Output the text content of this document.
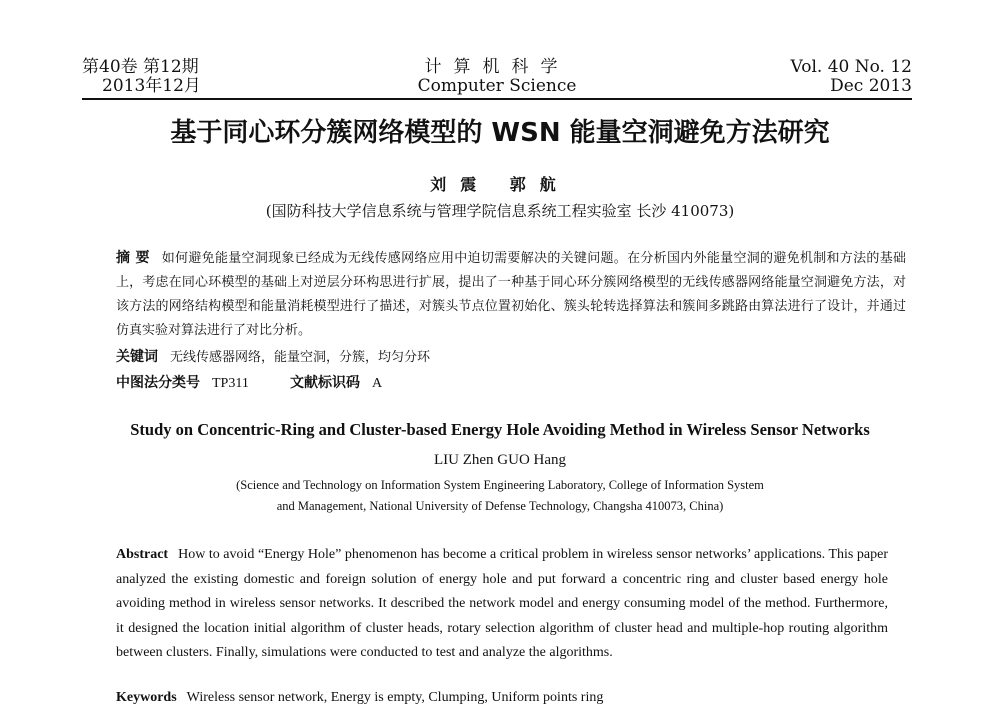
第40卷 第12期
2013年12月
计算机科学
Computer Science
Vol. 40 No. 12
Dec 2013
基于同心环分簇网络模型的 WSN 能量空洞避免方法研究
刘震 郭航
(国防科技大学信息系统与管理学院信息系统工程实验室 长沙 410073)
摘 要 如何避免能量空洞现象已经成为无线传感网络应用中迫切需要解决的关键问题。在分析国内外能量空洞的避免机制和方法的基础上，考虑在同心环模型的基础上对逆层分环构思进行扩展，提出了一种基于同心环分簇网络模型的无线传感器网络能量空洞避免方法，对该方法的网络结构模型和能量消耗模型进行了描述，对簇头节点位置初始化、簇头轮转选择算法和簇间多跳路由算法进行了设计，并通过仿真实验对算法进行了对比分析。
关键词 无线传感器网络，能量空洞，分簇，均匀分环
中图法分类号 TP311	文献标识码 A
Study on Concentric-Ring and Cluster-based Energy Hole Avoiding Method in Wireless Sensor Networks
LIU Zhen GUO Hang
(Science and Technology on Information System Engineering Laboratory, College of Information System
and Management, National University of Defense Technology, Changsha 410073, China)
Abstract How to avoid “Energy Hole” phenomenon has become a critical problem in wireless sensor networks’ applications. This paper analyzed the existing domestic and foreign solution of energy hole and put forward a concentric ring and cluster based energy hole avoiding method in wireless sensor networks. It described the network model and energy consuming model of the method. Furthermore, it designed the location initial algorithm of cluster heads, rotary selection algorithm of cluster head and multiple-hop routing algorithm between clusters. Finally, simulations were conducted to test and analyze the algorithms.
Keywords Wireless sensor network, Energy is empty, Clumping, Uniform points ring
